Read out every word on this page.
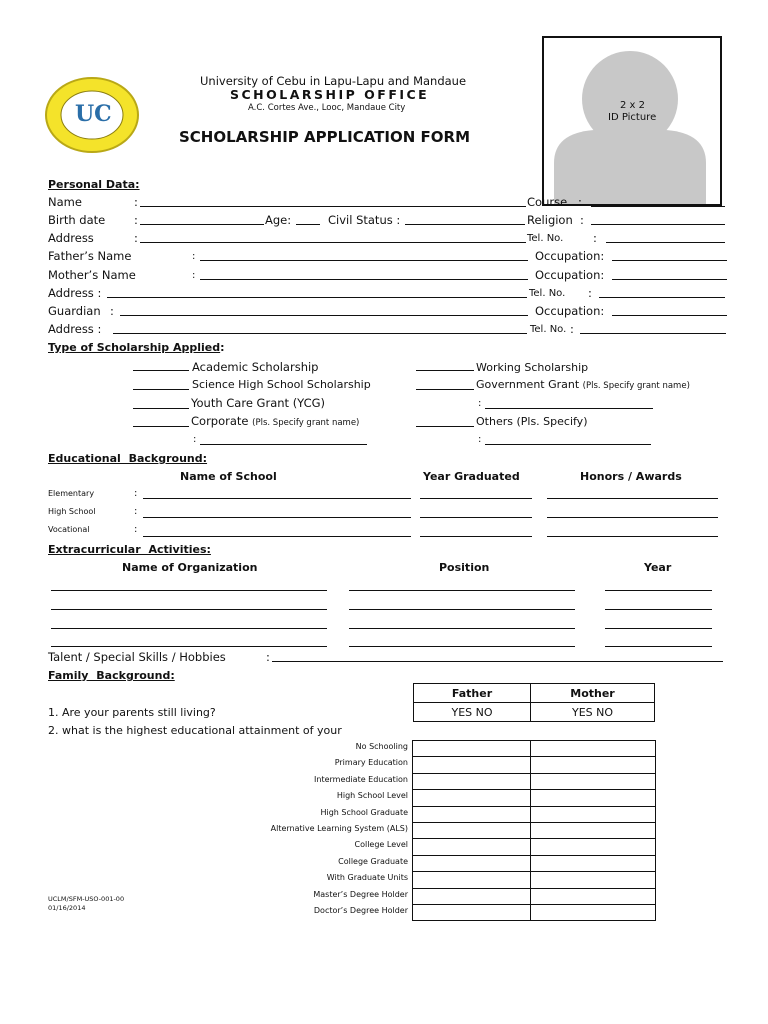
UC
University of Cebu in Lapu-Lapu and Mandaue
SCHOLARSHIP OFFICE
A.C. Cortes Ave., Looc, Mandaue City
SCHOLARSHIP APPLICATION FORM
2 x 2
ID Picture
Personal Data:
Name	:	Course :
Birth date	:	Age:	Civil Status :	Religion :
Address	:	Tel. No.	:
Father’s Name	:	Occupation:
Mother’s Name	:	Occupation:
Address :	Tel. No. :
Guardian :	Occupation:
Address :	Tel. No. :
Type of Scholarship Applied:
Academic Scholarship	Working Scholarship
Science High School Scholarship	Government Grant (Pls. Specify grant name)
Youth Care Grant (YCG)	:
Corporate (Pls. Specify grant name)	Others (Pls. Specify)
:	:
Educational Background:
Name of School	Year Graduated	Honors / Awards
Elementary	:
High School	:
Vocational	:
Extracurricular Activities:
Name of Organization	Position	Year
Talent / Special Skills / Hobbies	:
Family Background:
Father	Mother
YES NO	YES NO
1. Are your parents still living?
2. what is the highest educational attainment of your
No Schooling
Primary Education
Intermediate Education
High School Level
High School Graduate
Alternative Learning System (ALS)
College Level
College Graduate
With Graduate Units
Master’s Degree Holder
Doctor’s Degree Holder

UCLM/SFM-USO-001-00
01/16/2014
